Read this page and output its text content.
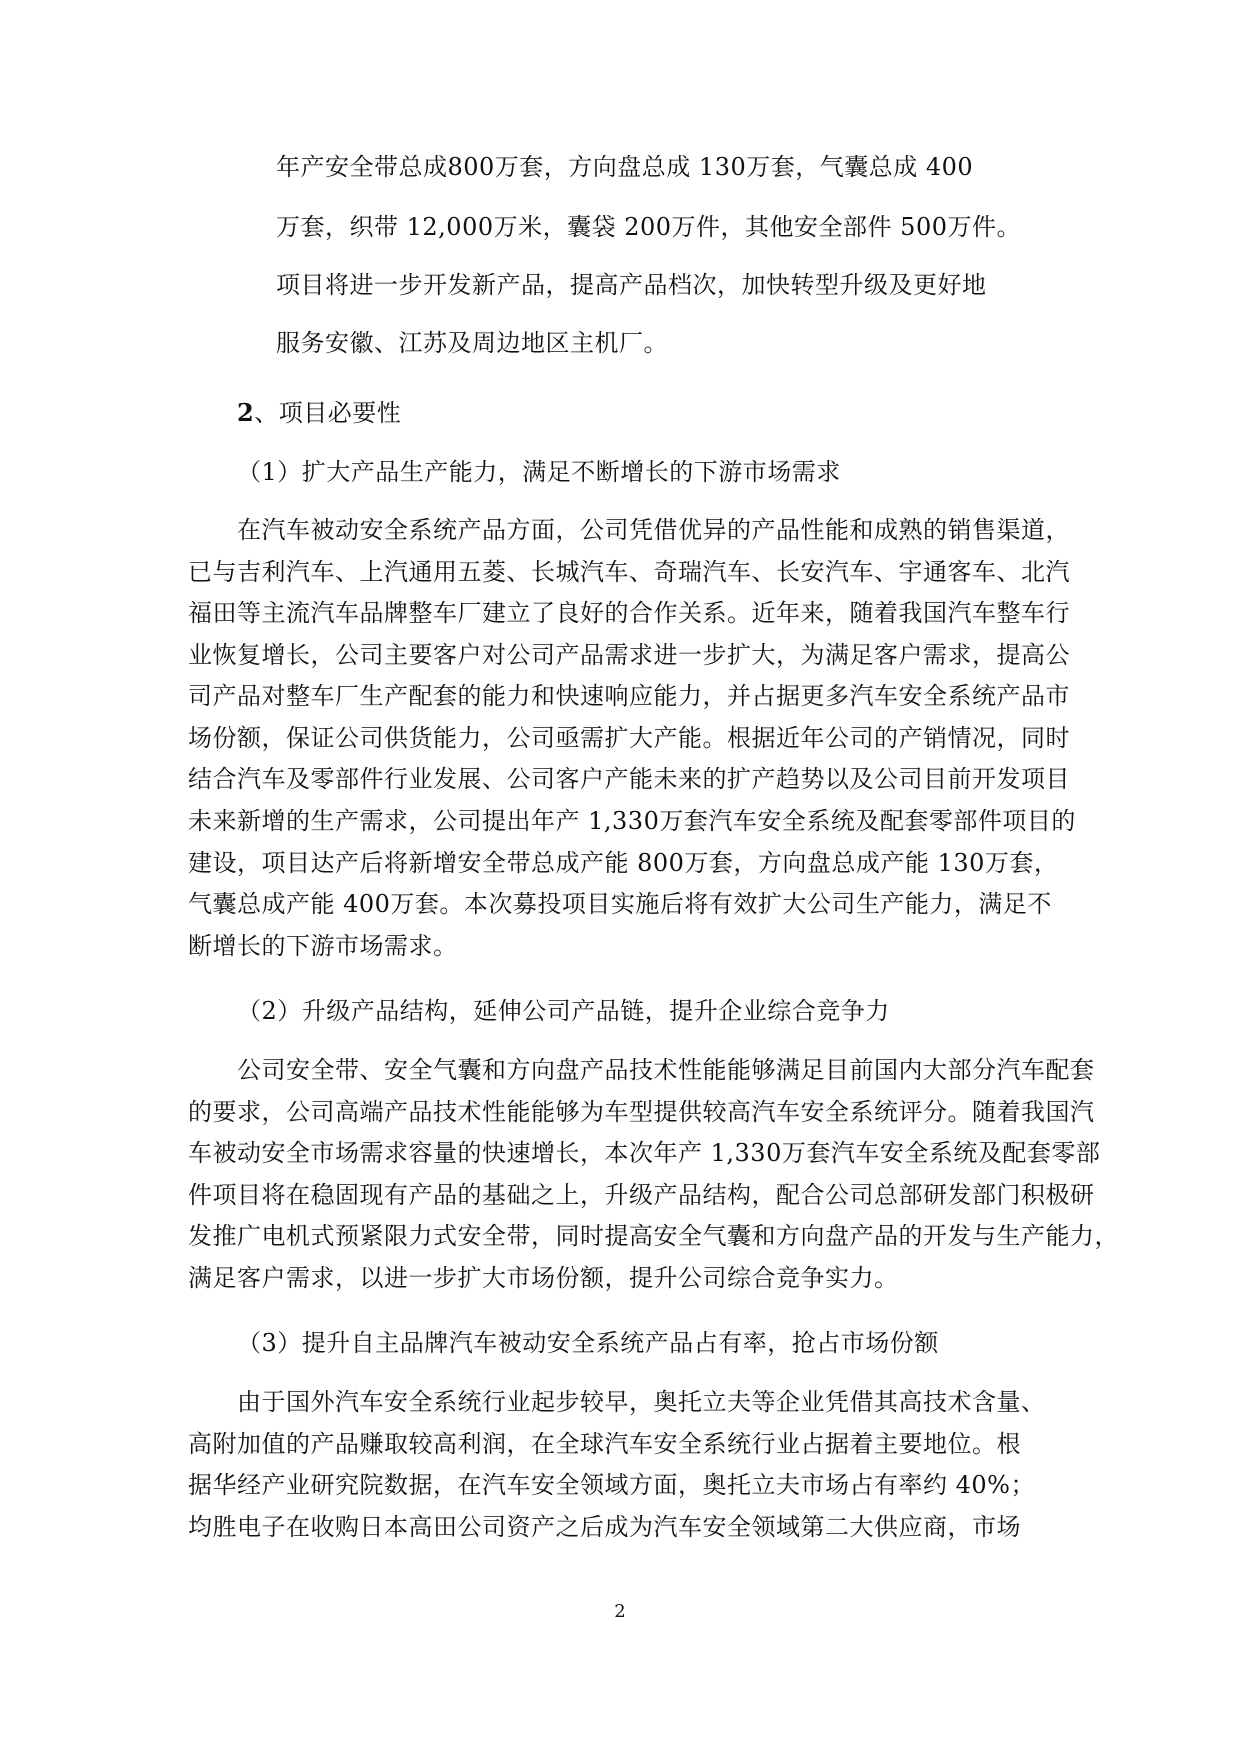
年产安全带总成800万套，方向盘总成 130万套，气囊总成 400
万套，织带 12,000万米，囊袋 200万件，其他安全部件 500万件。
项目将进一步开发新产品，提高产品档次，加快转型升级及更好地
服务安徽、江苏及周边地区主机厂。
2、项目必要性
（1）扩大产品生产能力，满足不断增长的下游市场需求
在汽车被动安全系统产品方面，公司凭借优异的产品性能和成熟的销售渠道，
已与吉利汽车、上汽通用五菱、长城汽车、奇瑞汽车、长安汽车、宇通客车、北汽
福田等主流汽车品牌整车厂建立了良好的合作关系。近年来，随着我国汽车整车行
业恢复增长，公司主要客户对公司产品需求进一步扩大，为满足客户需求，提高公
司产品对整车厂生产配套的能力和快速响应能力，并占据更多汽车安全系统产品市
场份额，保证公司供货能力，公司亟需扩大产能。根据近年公司的产销情况，同时
结合汽车及零部件行业发展、公司客户产能未来的扩产趋势以及公司目前开发项目
未来新增的生产需求，公司提出年产 1,330万套汽车安全系统及配套零部件项目的
建设，项目达产后将新增安全带总成产能 800万套，方向盘总成产能 130万套，
气囊总成产能 400万套。本次募投项目实施后将有效扩大公司生产能力，满足不
断增长的下游市场需求。
（2）升级产品结构，延伸公司产品链，提升企业综合竞争力
公司安全带、安全气囊和方向盘产品技术性能能够满足目前国内大部分汽车配套
的要求，公司高端产品技术性能能够为车型提供较高汽车安全系统评分。随着我国汽
车被动安全市场需求容量的快速增长，本次年产 1,330万套汽车安全系统及配套零部
件项目将在稳固现有产品的基础之上，升级产品结构，配合公司总部研发部门积极研
发推广电机式预紧限力式安全带，同时提高安全气囊和方向盘产品的开发与生产能力，
满足客户需求，以进一步扩大市场份额，提升公司综合竞争实力。
（3）提升自主品牌汽车被动安全系统产品占有率，抢占市场份额
由于国外汽车安全系统行业起步较早，奥托立夫等企业凭借其高技术含量、
高附加值的产品赚取较高利润，在全球汽车安全系统行业占据着主要地位。根
据华经产业研究院数据，在汽车安全领域方面，奥托立夫市场占有率约 40%；
均胜电子在收购日本高田公司资产之后成为汽车安全领域第二大供应商，市场
2
